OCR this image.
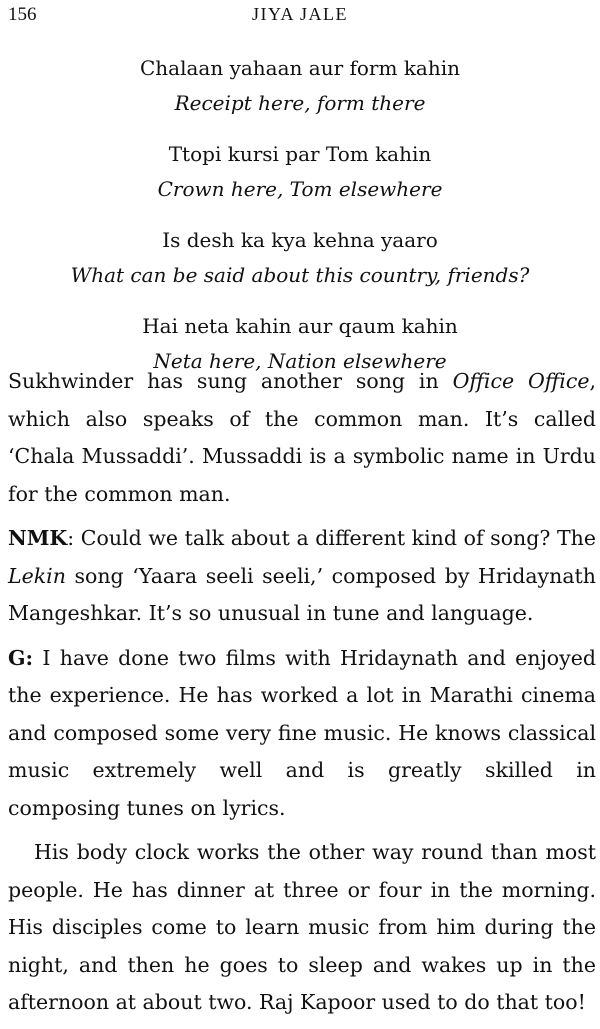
156	JIYA JALE
Chalaan yahaan aur form kahin
Receipt here, form there
Ttopi kursi par Tom kahin
Crown here, Tom elsewhere
Is desh ka kya kehna yaaro
What can be said about this country, friends?
Hai neta kahin aur qaum kahin
Neta here, Nation elsewhere

Sukhwinder has sung another song in Office Office, which also speaks of the common man. It’s called ‘Chala Mussaddi’. Mussaddi is a symbolic name in Urdu for the common man.

NMK: Could we talk about a different kind of song? The Lekin song ‘Yaara seeli seeli,’ composed by Hridaynath Mangeshkar. It’s so unusual in tune and language.

G: I have done two films with Hridaynath and enjoyed the experience. He has worked a lot in Marathi cinema and composed some very fine music. He knows classical music extremely well and is greatly skilled in composing tunes on lyrics.

His body clock works the other way round than most people. He has dinner at three or four in the morning. His disciples come to learn music from him during the night, and then he goes to sleep and wakes up in the afternoon at about two. Raj Kapoor used to do that too!
